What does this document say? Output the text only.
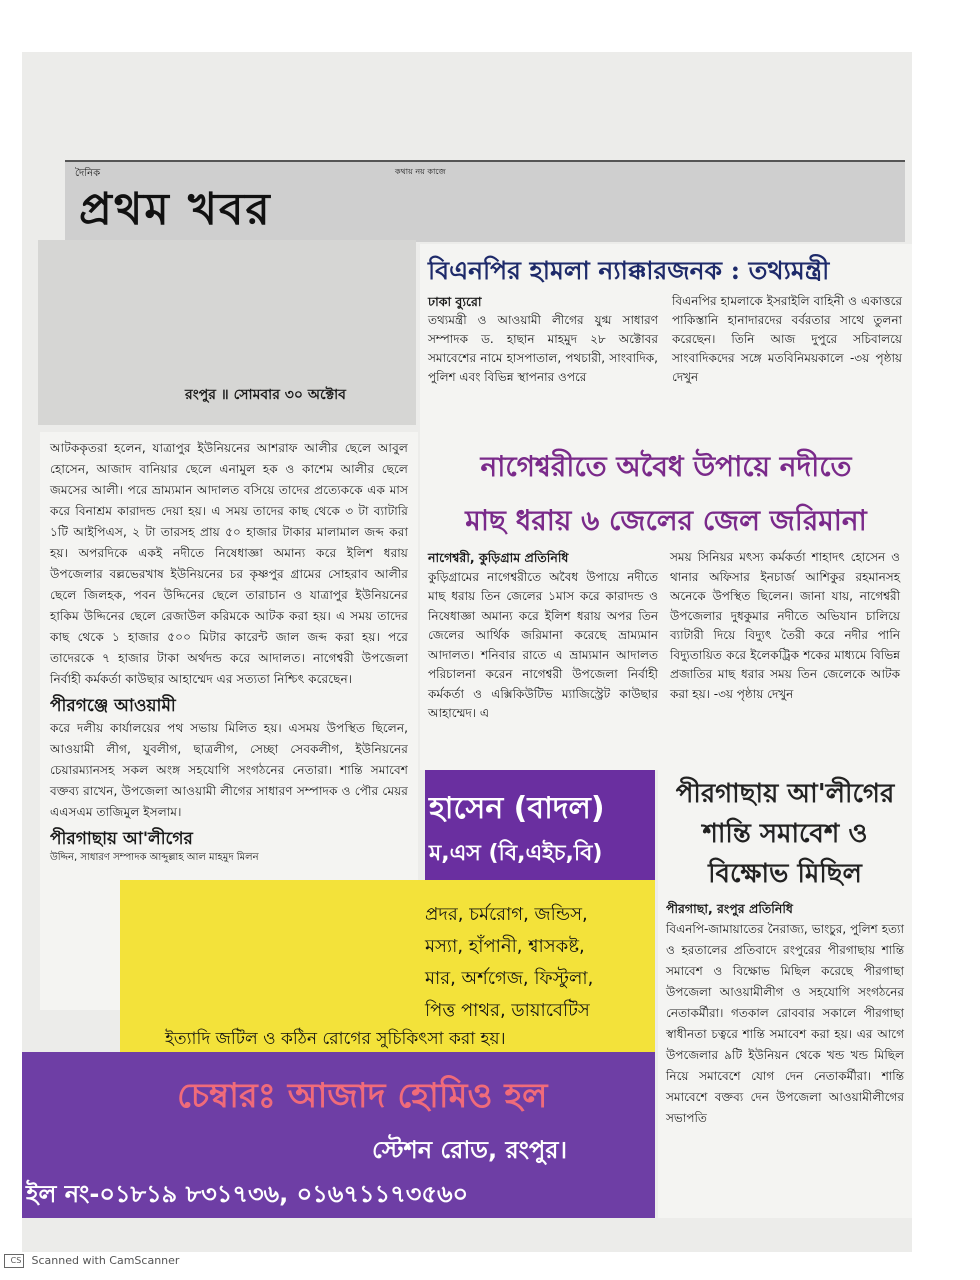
দৈনিক	কথায় নয় কাজে
প্রথম খবর
রংপুর ॥ সোমবার ৩০ অক্টোব

আটককৃতরা হলেন, যাত্রাপুর ইউনিয়নের আশরাফ আলীর ছেলে আবুল হোসেন, আজাদ বানিয়ার ছেলে এনামুল হক ও কাশেম আলীর ছেলে জমসের আলী। পরে ভ্রাম্যমান আদালত বসিয়ে তাদের প্রত্যেককে এক মাস করে বিনাশ্রম কারাদন্ড দেয়া হয়। এ সময় তাদের কাছ থেকে ৩ টা ব্যাটারি ১টি আইপিএস, ২ টা তারসহ প্রায় ৫০ হাজার টাকার মালামাল জব্দ করা হয়। অপরদিকে একই নদীতে নিষেধাজ্ঞা অমান্য করে ইলিশ ধরায় উপজেলার বল্লভেরখাষ ইউনিয়নের চর কৃষ্ণপুর গ্রামের সোহরাব আলীর ছেলে জিলহক, পবন উদ্দিনের ছেলে তারাচান ও যাত্রাপুর ইউনিয়নের হাকিম উদ্দিনের ছেলে রেজাউল করিমকে আটক করা হয়। এ সময় তাদের কাছ থেকে ১ হাজার ৫০০ মিটার কারেন্ট জাল জব্দ করা হয়। পরে তাদেরকে ৭ হাজার টাকা অর্থদন্ড করে আদালত। নাগেশ্বরী উপজেলা নির্বাহী কর্মকর্তা কাউছার আহাম্মেদ এর সত্যতা নিশ্চিৎ করেছেন।

পীরগঞ্জে আওয়ামী

করে দলীয় কার্যালয়ের পথ সভায় মিলিত হয়। এসময় উপস্থিত ছিলেন, আওয়ামী লীগ, যুবলীগ, ছাত্রলীগ, সেচ্ছা সেবকলীগ, ইউনিয়নের চেয়ারম্যানসহ সকল অংঙ্গ সহযোগি সংগঠনের নেতারা। শান্তি সমাবেশ বক্তব্য রাখেন, উপজেলা আওয়ামী লীগের সাধারণ সম্পাদক ও পৌর মেয়র এএসএম তাজিমুল ইসলাম।

পীরগাছায় আ'লীগের

উদ্দিন, সাধারণ সম্পাদক আব্দুল্লাহ আল মাহমুদ মিলন

বিএনপির হামলা ন্যাক্কারজনক : তথ্যমন্ত্রী
ঢাকা ব্যুরো

তথ্যমন্ত্রী ও আওয়ামী লীগের যুগ্ম সাধারণ সম্পাদক ড. হাছান মাহমুদ ২৮ অক্টোবর সমাবেশের নামে হাসপাতাল, পথচারী, সাংবাদিক, পুলিশ এবং বিভিন্ন স্থাপনার ওপরে

বিএনপির হামলাকে ইসরাইলি বাহিনী ও একাত্তরে পাকিস্তানি হানাদারদের বর্বরতার সাথে তুলনা করেছেন। তিনি আজ দুপুরে সচিবালয়ে সাংবাদিকদের সঙ্গে মতবিনিময়কালে -৩য় পৃষ্ঠায় দেখুন

নাগেশ্বরীতে অবৈধ উপায়ে নদীতে
মাছ ধরায় ৬ জেলের জেল জরিমানা
নাগেশ্বরী, কুড়িগ্রাম প্রতিনিধি

কুড়িগ্রামের নাগেশ্বরীতে অবৈধ উপায়ে নদীতে মাছ ধরায় তিন জেলের ১মাস করে কারাদন্ড ও নিষেধাজ্ঞা অমান্য করে ইলিশ ধরায় অপর তিন জেলের আর্থিক জরিমানা করেছে ভ্রাম্যমান আদালত। শনিবার রাতে এ ভ্রাম্যমান আদালত পরিচালনা করেন নাগেশ্বরী উপজেলা নির্বাহী কর্মকর্তা ও এক্সিকিউটিভ ম্যাজিস্ট্রেট কাউছার আহাম্মেদ। এ

সময় সিনিয়র মৎস্য কর্মকর্তা শাহাদৎ হোসেন ও থানার অফিসার ইনচার্জ আশিকুর রহমানসহ অনেকে উপস্থিত ছিলেন। জানা যায়, নাগেশ্বরী উপজেলার দুধকুমার নদীতে অভিযান চালিয়ে ব্যাটারী দিয়ে বিদ্যুৎ তৈরী করে নদীর পানি বিদ্যুতায়িত করে ইলেকট্রিক শকের মাধ্যমে বিভিন্ন প্রজাতির মাছ ধরার সময় তিন জেলেকে আটক করা হয়। -৩য় পৃষ্ঠায় দেখুন

পীরগাছায় আ'লীগের
শান্তি সমাবেশ ও
বিক্ষোভ মিছিল
পীরগাছা, রংপুর প্রতিনিধি

বিএনপি-জামায়াতের নৈরাজ্য, ভাংচুর, পুলিশ হত্যা ও হরতালের প্রতিবাদে রংপুরের পীরগাছায় শান্তি সমাবেশ ও বিক্ষোভ মিছিল করেছে পীরগাছা উপজেলা আওয়ামীলীগ ও সহযোগি সংগঠনের নেতাকর্মীরা। গতকাল রোববার সকালে পীরগাছা স্বাধীনতা চত্বরে শান্তি সমাবেশ করা হয়। এর আগে উপজেলার ৯টি ইউনিয়ন থেকে খন্ড খন্ড মিছিল নিয়ে সমাবেশে যোগ দেন নেতাকর্মীরা। শান্তি সমাবেশে বক্তব্য দেন উপজেলা আওয়ামীলীগের সভাপতি

হাসেন (বাদল)
ম,এস (বি,এইচ,বি)
প্রদর, চর্মরোগ, জন্ডিস,
মস্যা, হাঁপানী, শ্বাসকষ্ট,
মার, অর্শগেজ, ফিস্টুলা,
পিত্ত পাথর, ডায়াবেটিস
ইত্যাদি জটিল ও কঠিন রোগের সুচিকিৎসা করা হয়।
চেম্বারঃ আজাদ হোমিও হল
স্টেশন রোড, রংপুর।
ইল নং-০১৮১৯ ৮৩১৭৩৬, ০১৬৭১১৭৩৫৬০
CS Scanned with CamScanner
